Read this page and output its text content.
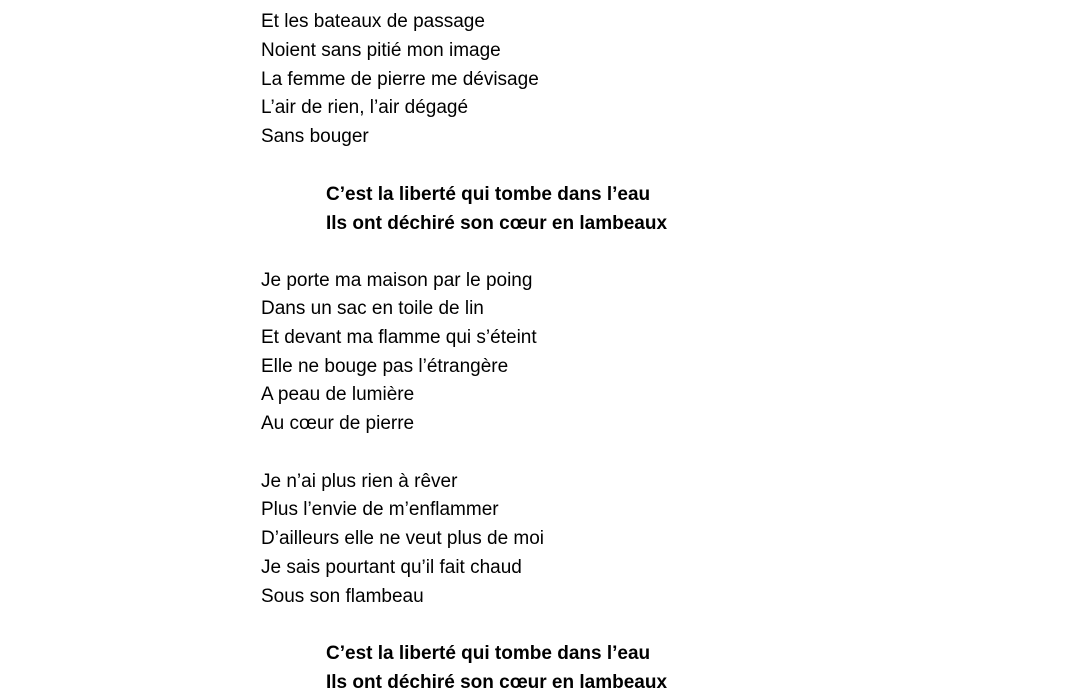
Et les bateaux de passage
Noient sans pitié mon image
La femme de pierre me dévisage
L’air de rien, l’air dégagé
Sans bouger
C’est la liberté qui tombe dans l’eau
Ils ont déchiré son cœur en lambeaux
Je porte ma maison par le poing
Dans un sac en toile de lin
Et devant ma flamme qui s’éteint
Elle ne bouge pas l’étrangère
A peau de lumière
Au cœur de pierre
Je n’ai plus rien à rêver
Plus l’envie de m’enflammer
D’ailleurs elle ne veut plus de moi
Je sais pourtant qu’il fait chaud
Sous son flambeau
C’est la liberté qui tombe dans l’eau
Ils ont déchiré son cœur en lambeaux
